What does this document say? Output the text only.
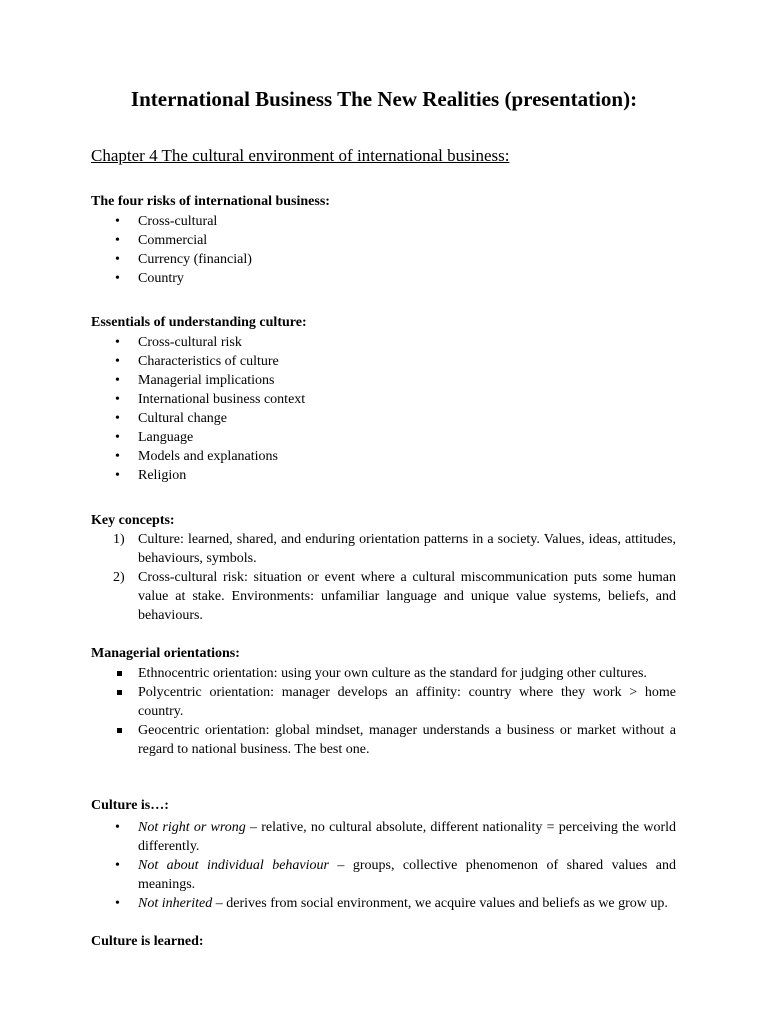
International Business The New Realities (presentation):
Chapter 4 The cultural environment of international business:
The four risks of international business:
•	Cross-cultural
•	Commercial
•	Currency (financial)
•	Country
Essentials of understanding culture:
•	Cross-cultural risk
•	Characteristics of culture
•	Managerial implications
•	International business context
•	Cultural change
•	Language
•	Models and explanations
•	Religion
Key concepts:
1) Culture: learned, shared, and enduring orientation patterns in a society. Values, ideas, attitudes, behaviours, symbols.
2) Cross-cultural risk: situation or event where a cultural miscommunication puts some human value at stake. Environments: unfamiliar language and unique value systems, beliefs, and behaviours.
Managerial orientations:
Ethnocentric orientation: using your own culture as the standard for judging other cultures.
Polycentric orientation: manager develops an affinity: country where they work > home country.
Geocentric orientation: global mindset, manager understands a business or market without a regard to national business. The best one.
Culture is…:
•	Not right or wrong – relative, no cultural absolute, different nationality = perceiving the world differently.
•	Not about individual behaviour – groups, collective phenomenon of shared values and meanings.
•	Not inherited – derives from social environment, we acquire values and beliefs as we grow up.
Culture is learned:
